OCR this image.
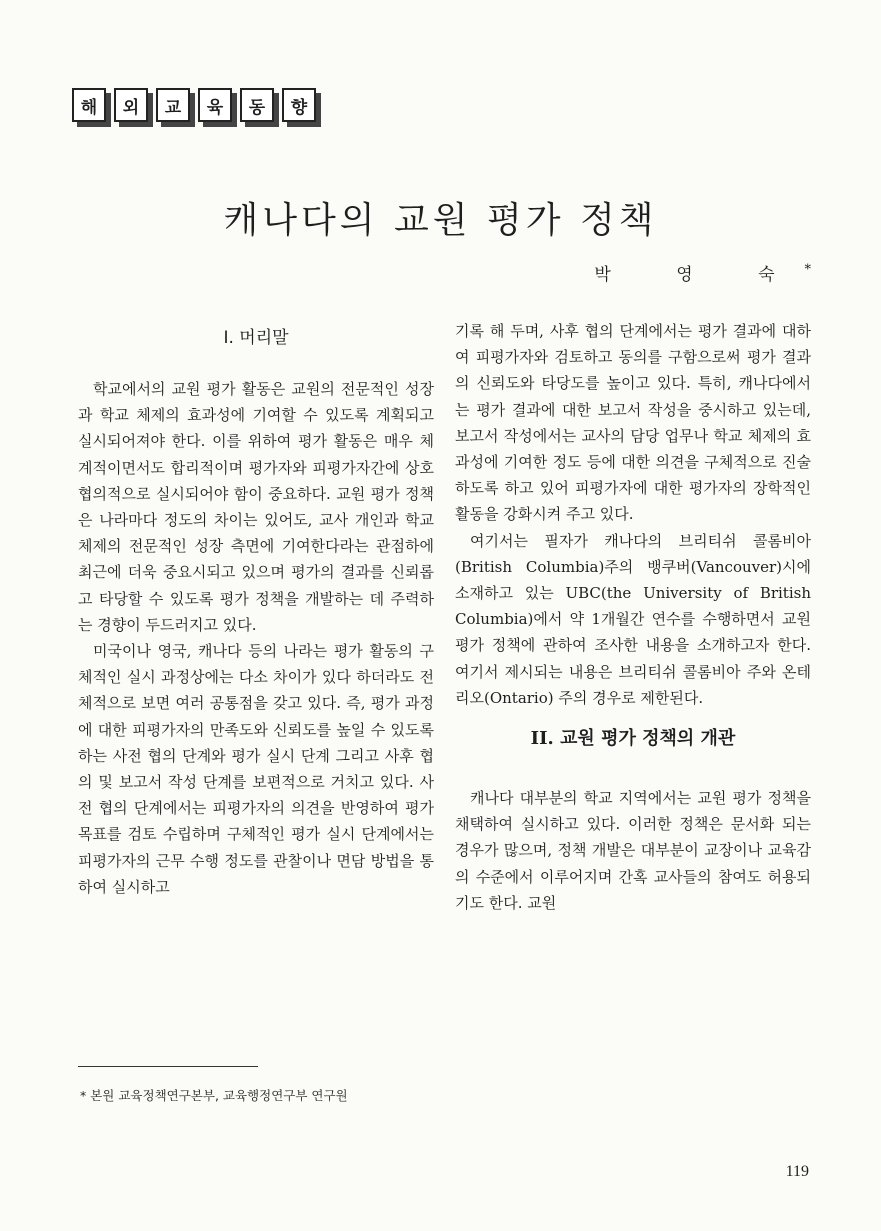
해	외	교	육	동	향
캐나다의 교원 평가 정책
박 영 숙*
I. 머리말

학교에서의 교원 평가 활동은 교원의 전문적인 성장과 학교 체제의 효과성에 기여할 수 있도록 계획되고 실시되어져야 한다. 이를 위하여 평가 활동은 매우 체계적이면서도 합리적이며 평가자와 피평가자간에 상호 협의적으로 실시되어야 함이 중요하다. 교원 평가 정책은 나라마다 정도의 차이는 있어도, 교사 개인과 학교 체제의 전문적인 성장 측면에 기여한다라는 관점하에 최근에 더욱 중요시되고 있으며 평가의 결과를 신뢰롭고 타당할 수 있도록 평가 정책을 개발하는 데 주력하는 경향이 두드러지고 있다.

미국이나 영국, 캐나다 등의 나라는 평가 활동의 구체적인 실시 과정상에는 다소 차이가 있다 하더라도 전체적으로 보면 여러 공통점을 갖고 있다. 즉, 평가 과정에 대한 피평가자의 만족도와 신뢰도를 높일 수 있도록 하는 사전 협의 단계와 평가 실시 단계 그리고 사후 협의 및 보고서 작성 단계를 보편적으로 거치고 있다. 사전 협의 단계에서는 피평가자의 의견을 반영하여 평가 목표를 검토 수립하며 구체적인 평가 실시 단계에서는 피평가자의 근무 수행 정도를 관찰이나 면담 방법을 통하여 실시하고

기록 해 두며, 사후 협의 단계에서는 평가 결과에 대하여 피평가자와 검토하고 동의를 구함으로써 평가 결과의 신뢰도와 타당도를 높이고 있다. 특히, 캐나다에서는 평가 결과에 대한 보고서 작성을 중시하고 있는데, 보고서 작성에서는 교사의 담당 업무나 학교 체제의 효과성에 기여한 정도 등에 대한 의견을 구체적으로 진술하도록 하고 있어 피평가자에 대한 평가자의 장학적인 활동을 강화시켜 주고 있다.

여기서는 필자가 캐나다의 브리티쉬 콜롬비아(British Columbia)주의 뱅쿠버(Vancouver)시에 소재하고 있는 UBC(the University of British Columbia)에서 약 1개월간 연수를 수행하면서 교원 평가 정책에 관하여 조사한 내용을 소개하고자 한다. 여기서 제시되는 내용은 브리티쉬 콜롬비아 주와 온테리오(Ontario) 주의 경우로 제한된다.

II. 교원 평가 정책의 개관

캐나다 대부분의 학교 지역에서는 교원 평가 정책을 채택하여 실시하고 있다. 이러한 정책은 문서화 되는 경우가 많으며, 정책 개발은 대부분이 교장이나 교육감의 수준에서 이루어지며 간혹 교사들의 참여도 허용되기도 한다. 교원

* 본원 교육정책연구본부, 교육행정연구부 연구원
119
